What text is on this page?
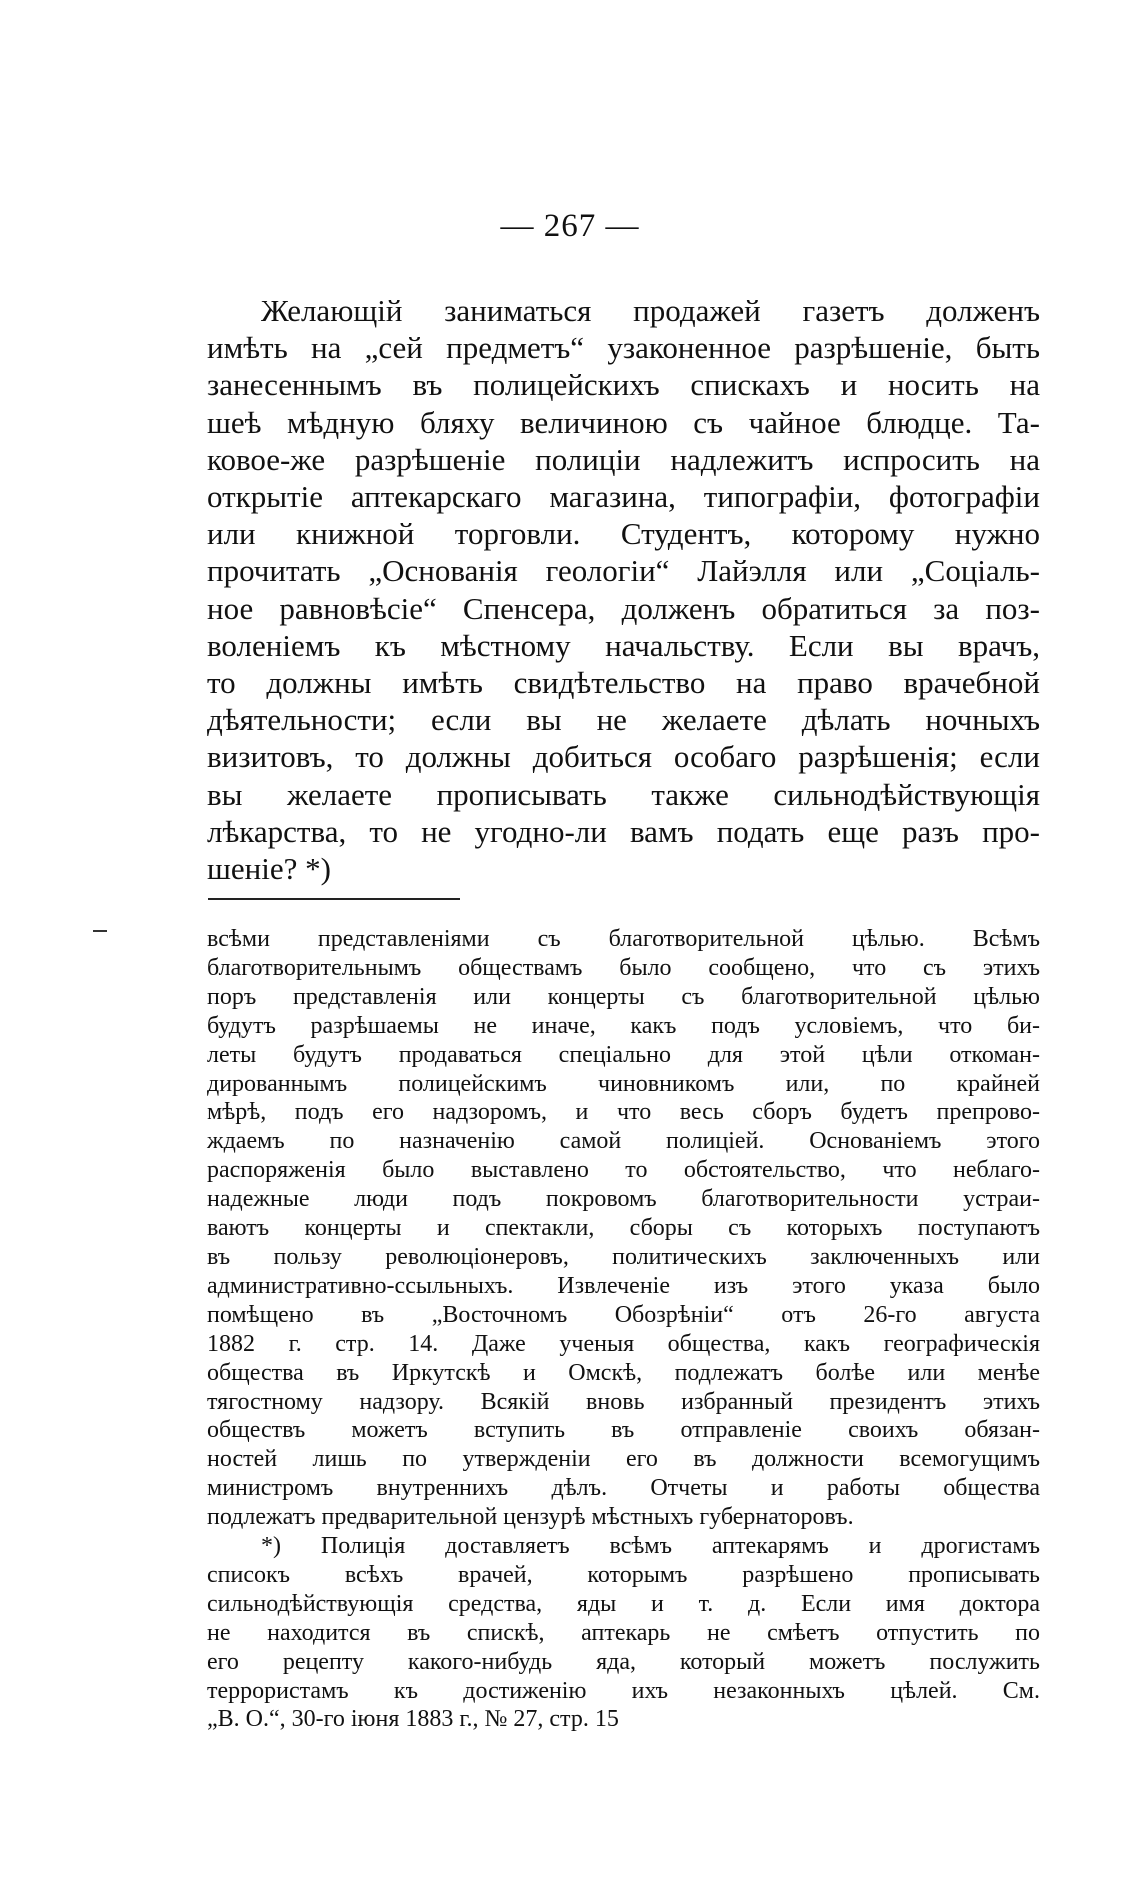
— 267 —
Желающій заниматься продажей газетъ долженъ
имѣть на „сей предметъ“ узаконенное разрѣшеніе, быть
занесеннымъ въ полицейскихъ спискахъ и носить на
шеѣ мѣдную бляху величиною съ чайное блюдце. Та-
ковое-же разрѣшеніе полиціи надлежитъ испросить на
открытіе аптекарскаго магазина, типографіи, фотографіи
или книжной торговли. Студентъ, которому нужно
прочитать „Основанія геологіи“ Лайэлля или „Соціаль-
ное равновѣсіе“ Спенсера, долженъ обратиться за поз-
воленіемъ къ мѣстному начальству. Если вы врачъ,
то должны имѣть свидѣтельство на право врачебной
дѣятельности; если вы не желаете дѣлать ночныхъ
визитовъ, то должны добиться особаго разрѣшенія; если
вы желаете прописывать также сильнодѣйствующія
лѣкарства, то не угодно-ли вамъ подать еще разъ про-
шеніе? *)
всѣми представленіями съ благотворительной цѣлью. Всѣмъ
благотворительнымъ обществамъ было сообщено, что съ этихъ
поръ представленія или концерты съ благотворительной цѣлью
будутъ разрѣшаемы не иначе, какъ подъ условіемъ, что би-
леты будутъ продаваться спеціально для этой цѣли откоман-
дированнымъ полицейскимъ чиновникомъ или, по крайней
мѣрѣ, подъ его надзоромъ, и что весь сборъ будетъ препрово-
ждаемъ по назначенію самой полиціей. Основаніемъ этого
распоряженія было выставлено то обстоятельство, что неблаго-
надежные люди подъ покровомъ благотворительности устраи-
ваютъ концерты и спектакли, сборы съ которыхъ поступаютъ
въ пользу революціонеровъ, политическихъ заключенныхъ или
административно-ссыльныхъ. Извлеченіе изъ этого указа было
помѣщено въ „Восточномъ Обозрѣніи“ отъ 26-го августа
1882 г. стр. 14. Даже ученыя общества, какъ географическія
общества въ Иркутскѣ и Омскѣ, подлежатъ болѣе или менѣе
тягостному надзору. Всякій вновь избранный президентъ этихъ
обществъ можетъ вступить въ отправленіе своихъ обязан-
ностей лишь по утвержденіи его въ должности всемогущимъ
министромъ внутреннихъ дѣлъ. Отчеты и работы общества
подлежатъ предварительной цензурѣ мѣстныхъ губернаторовъ.
*) Полиція доставляетъ всѣмъ аптекарямъ и дрогистамъ
списокъ всѣхъ врачей, которымъ разрѣшено прописывать
сильнодѣйствующія средства, яды и т. д. Если имя доктора
не находится въ спискѣ, аптекарь не смѣетъ отпустить по
его рецепту какого-нибудь яда, который можетъ послужить
террористамъ къ достиженію ихъ незаконныхъ цѣлей. См.
„В. О.“, 30-го іюня 1883 г., № 27, стр. 15
